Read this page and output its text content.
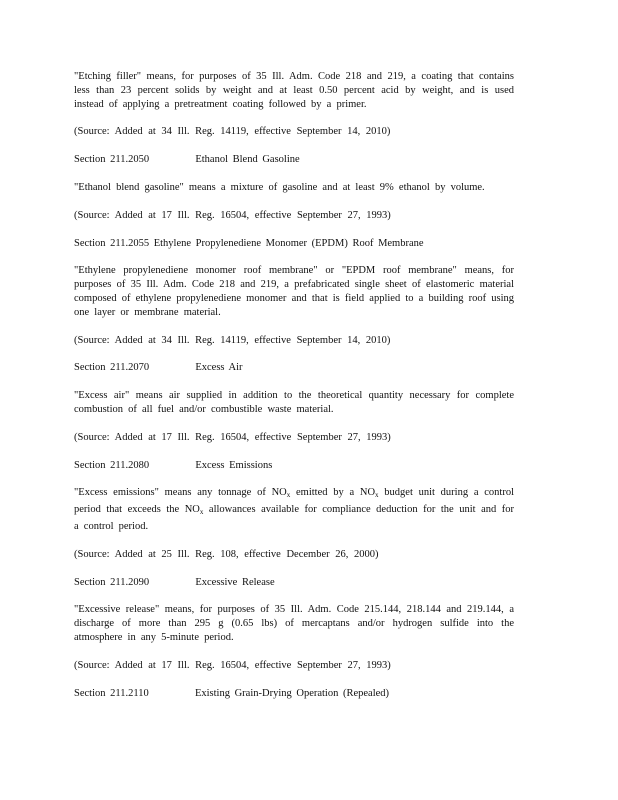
"Etching filler" means, for purposes of 35 Ill. Adm. Code 218 and 219, a coating that contains less than 23 percent solids by weight and at least 0.50 percent acid by weight, and is used instead of applying a pretreatment coating followed by a primer.

(Source: Added at 34 Ill. Reg. 14119, effective September 14, 2010)

Section 211.2050          Ethanol Blend Gasoline

"Ethanol blend gasoline" means a mixture of gasoline and at least 9% ethanol by volume.

(Source: Added at 17 Ill. Reg. 16504, effective September 27, 1993)

Section 211.2055 Ethylene Propylenediene Monomer (EPDM) Roof Membrane

"Ethylene propylenediene monomer roof membrane" or "EPDM roof membrane" means, for purposes of 35 Ill. Adm. Code 218 and 219, a prefabricated single sheet of elastomeric material composed of ethylene propylenediene monomer and that is field applied to a building roof using one layer or membrane material.

(Source: Added at 34 Ill. Reg. 14119, effective September 14, 2010)

Section 211.2070          Excess Air

"Excess air" means air supplied in addition to the theoretical quantity necessary for complete combustion of all fuel and/or combustible waste material.

(Source: Added at 17 Ill. Reg. 16504, effective September 27, 1993)

Section 211.2080          Excess Emissions

"Excess emissions" means any tonnage of $NO_x$ emitted by a $NO_x$ budget unit during a control period that exceeds the $NO_x$ allowances available for compliance deduction for the unit and for a control period.

(Source: Added at 25 Ill. Reg. 108, effective December 26, 2000)

Section 211.2090          Excessive Release

"Excessive release" means, for purposes of 35 Ill. Adm. Code 215.144, 218.144 and 219.144, a discharge of more than 295 g (0.65 lbs) of mercaptans and/or hydrogen sulfide into the atmosphere in any 5-minute period.

(Source: Added at 17 Ill. Reg. 16504, effective September 27, 1993)

Section 211.2110          Existing Grain-Drying Operation (Repealed)
